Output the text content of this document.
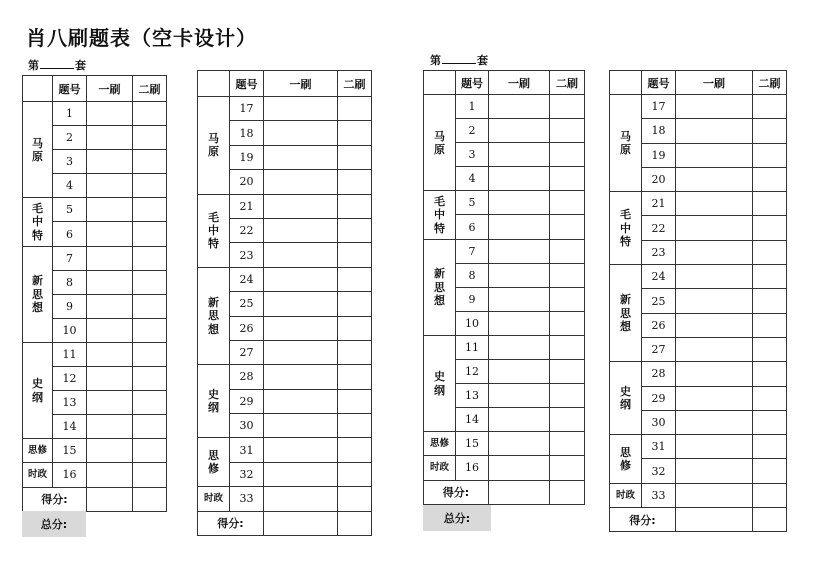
肖八刷题表（空卡设计）
第	套	第	套
	题号	一刷	二刷
马
原	1		
	2		
	3		
	4		
毛
中
特	5		
	6		
新
思
想	7		
	8		
	9		
	10		
史
纲	11		
	12		
	13		
	14		
思修	15		
时政	16		
得分:			
	题号	一刷	二刷
马
原	17		
	18		
	19		
	20		
毛
中
特	21		
	22		
	23		
新
思
想	24		
	25		
	26		
	27		
史
纲	28		
	29		
	30		
思
修	31		
	32		
时政	33		
得分:			
	题号	一刷	二刷
马
原	1		
	2		
	3		
	4		
毛
中
特	5		
	6		
新
思
想	7		
	8		
	9		
	10		
史
纲	11		
	12		
	13		
	14		
思修	15		
时政	16		
得分:			
	题号	一刷	二刷
马
原	17		
	18		
	19		
	20		
毛
中
特	21		
	22		
	23		
新
思
想	24		
	25		
	26		
	27		
史
纲	28		
	29		
	30		
思
修	31		
	32		
时政	33		
得分:			
总分:	总分:
